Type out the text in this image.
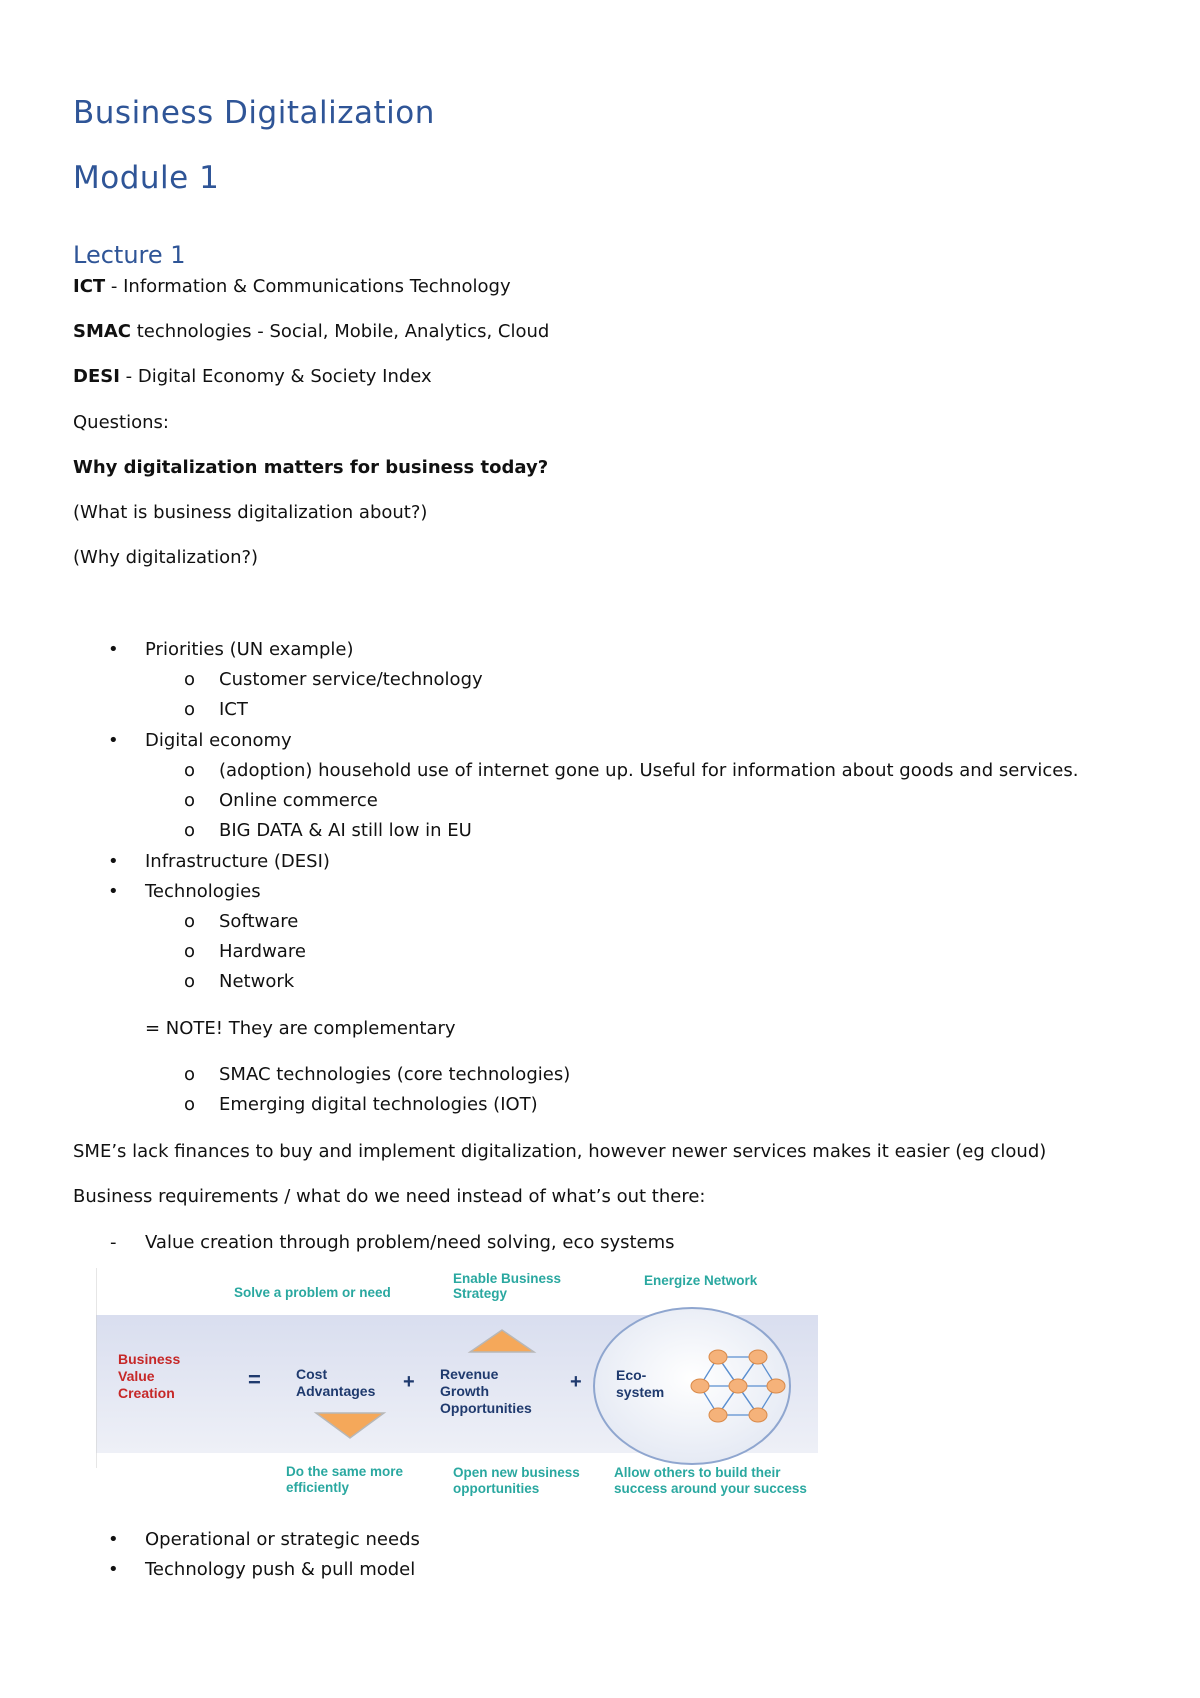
Business Digitalization
Module 1
Lecture 1
ICT - Information & Communications Technology
SMAC technologies - Social, Mobile, Analytics, Cloud
DESI - Digital Economy & Society Index
Questions:
Why digitalization matters for business today?
(What is business digitalization about?)
(Why digitalization?)
• Priorities (UN example)
o Customer service/technology
o ICT
• Digital economy
o (adoption) household use of internet gone up. Useful for information about goods and services.
o Online commerce
o BIG DATA & AI still low in EU
• Infrastructure (DESI)
• Technologies
o Software
o Hardware
o Network
= NOTE! They are complementary
o SMAC technologies (core technologies)
o Emerging digital technologies (IOT)
SME’s lack finances to buy and implement digitalization, however newer services makes it easier (eg cloud)
Business requirements / what do we need instead of what’s out there:
- Value creation through problem/need solving, eco systems
Solve a problem or need
Enable Business
Strategy
Energize Network
Business
Value
Creation
=	Cost
Advantages + Revenue
Growth
Opportunities
+ Eco-
system
Do the same more
efficiently
Open new business
opportunities
Allow others to build their
success around your success
• Operational or strategic needs
• Technology push & pull model
